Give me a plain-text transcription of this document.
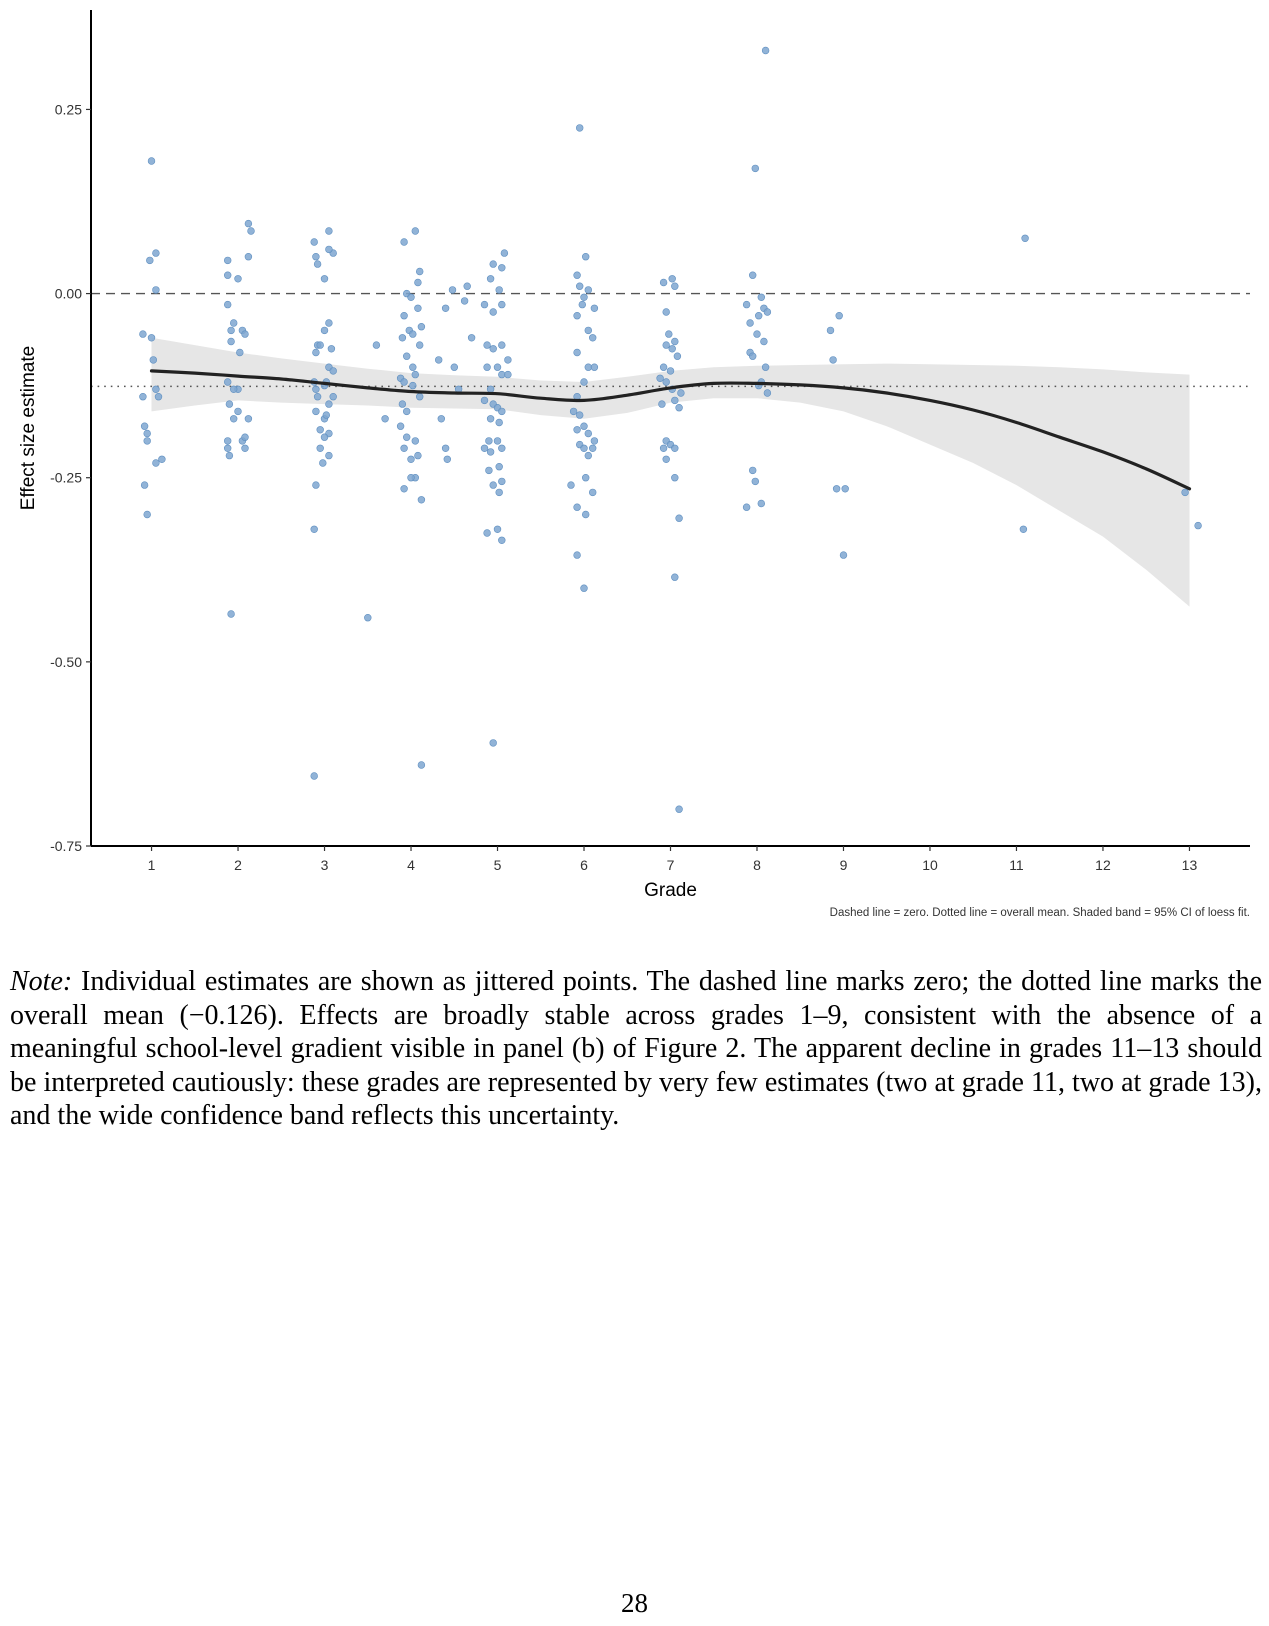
0.25
0.00
-0.25
-0.50
-0.75
1	2	3	4	5	6	7	8	9	10	11	12	13
Grade
Effect size estimate
Dashed line = zero. Dotted line = overall mean. Shaded band = 95% CI of loess fit.
Note: Individual estimates are shown as jittered points. The dashed line marks zero; the dotted line marks the overall mean (−0.126). Effects are broadly stable across grades 1–9, consistent with the absence of a meaningful school-level gradient visible in panel (b) of Figure 2. The apparent decline in grades 11–13 should be interpreted cautiously: these grades are represented by very few estimates (two at grade 11, two at grade 13), and the wide confidence band reflects this uncertainty.
28
